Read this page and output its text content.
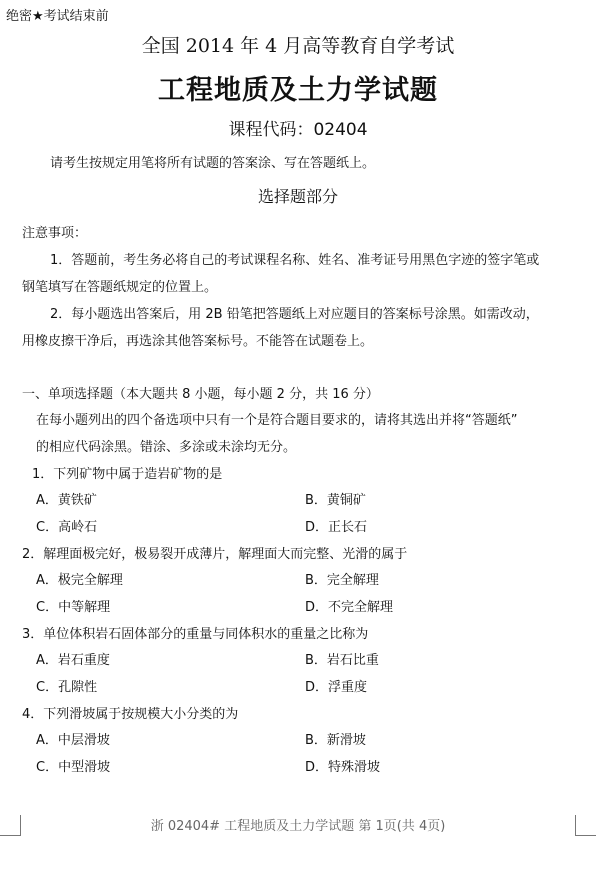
绝密★考试结束前
全国 2014 年 4 月高等教育自学考试
工程地质及土力学试题
课程代码：02404
请考生按规定用笔将所有试题的答案涂、写在答题纸上。
选择题部分
注意事项：
1．答题前，考生务必将自己的考试课程名称、姓名、准考证号用黑色字迹的签字笔或
钢笔填写在答题纸规定的位置上。
2．每小题选出答案后，用 2B 铅笔把答题纸上对应题目的答案标号涂黑。如需改动，
用橡皮擦干净后，再选涂其他答案标号。不能答在试题卷上。
一、单项选择题（本大题共 8 小题，每小题 2 分，共 16 分）
在每小题列出的四个备选项中只有一个是符合题目要求的，请将其选出并将“答题纸”
的相应代码涂黑。错涂、多涂或未涂均无分。
1．下列矿物中属于造岩矿物的是
A．黄铁矿	B．黄铜矿
C．高岭石	D．正长石
2．解理面极完好，极易裂开成薄片，解理面大而完整、光滑的属于
A．极完全解理	B．完全解理
C．中等解理	D．不完全解理
3．单位体积岩石固体部分的重量与同体积水的重量之比称为
A．岩石重度	B．岩石比重
C．孔隙性	D．浮重度
4．下列滑坡属于按规模大小分类的为
A．中层滑坡	B．新滑坡
C．中型滑坡	D．特殊滑坡
浙 02404# 工程地质及土力学试题 第 1页(共 4页)
